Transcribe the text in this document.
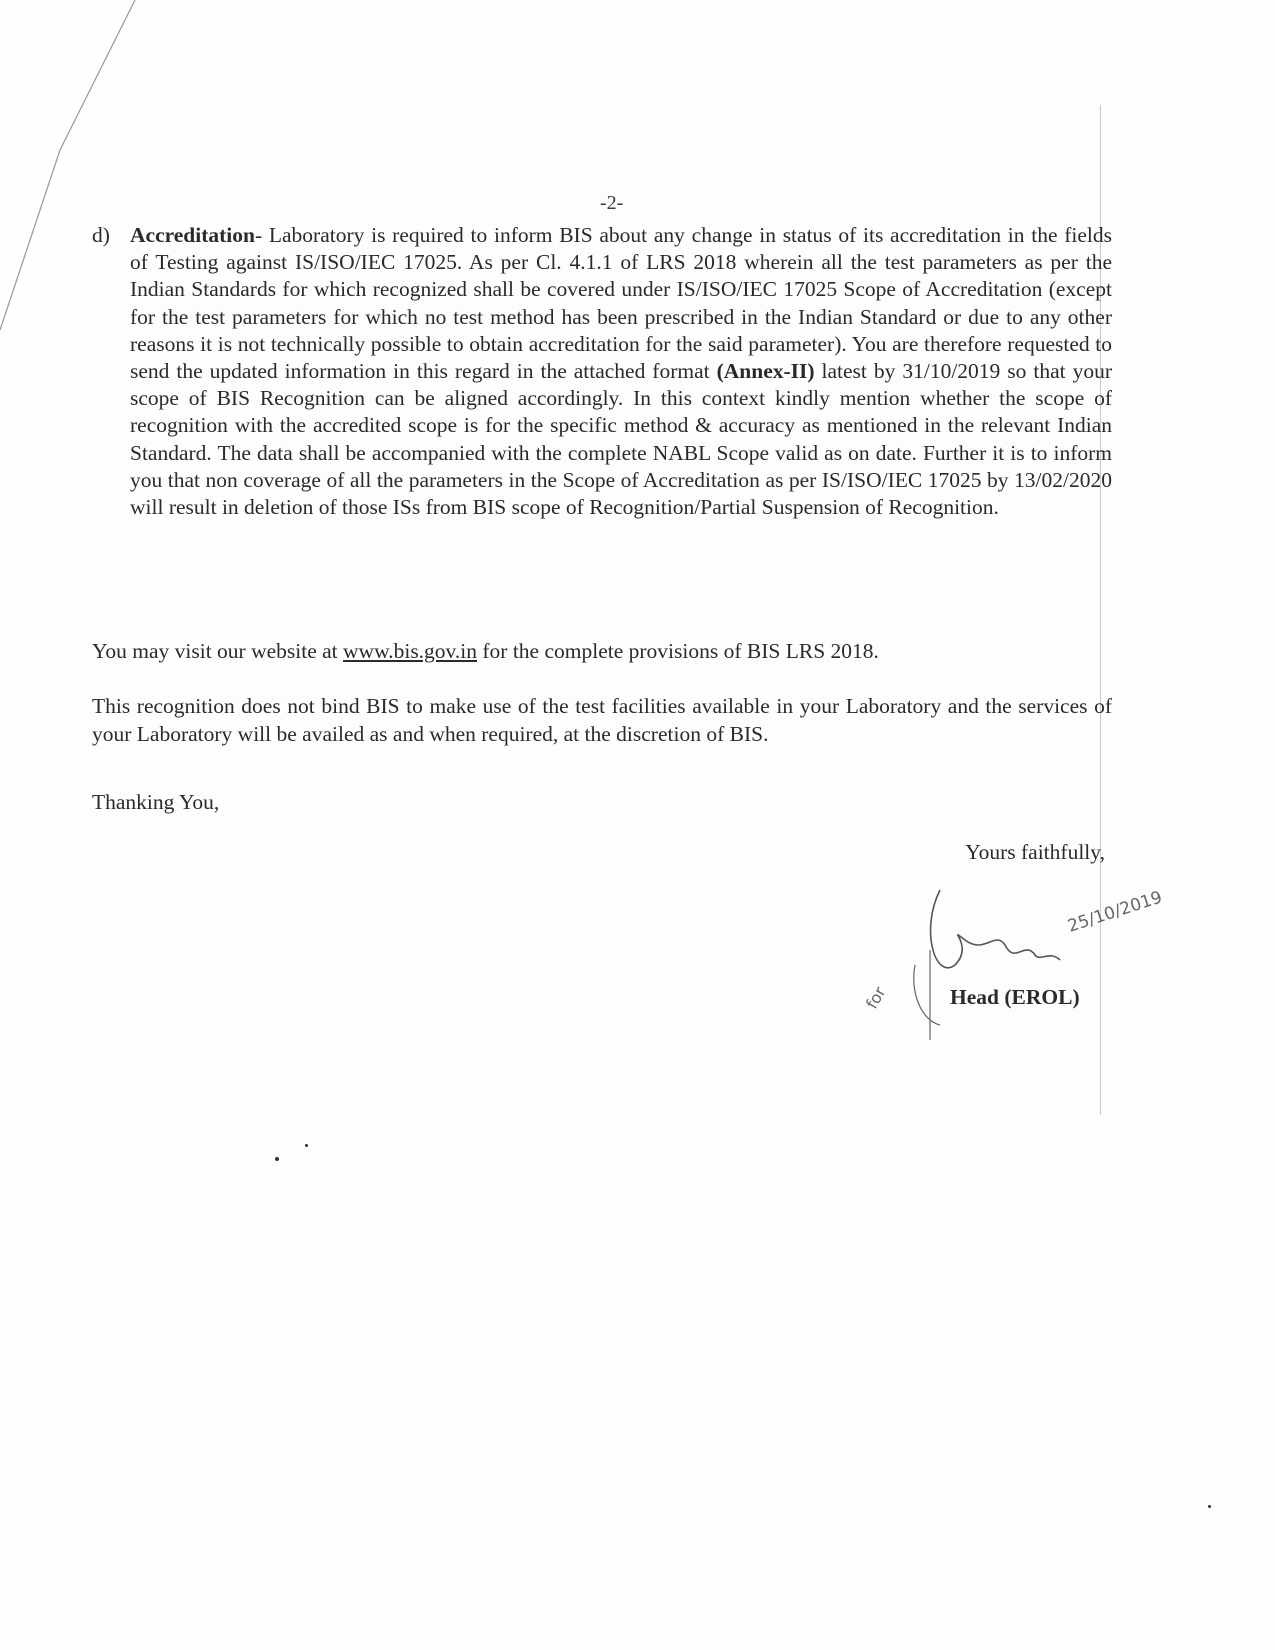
-2-
d) Accreditation- Laboratory is required to inform BIS about any change in status of its accreditation in the fields of Testing against IS/ISO/IEC 17025. As per Cl. 4.1.1 of LRS 2018 wherein all the test parameters as per the Indian Standards for which recognized shall be covered under IS/ISO/IEC 17025 Scope of Accreditation (except for the test parameters for which no test method has been prescribed in the Indian Standard or due to any other reasons it is not technically possible to obtain accreditation for the said parameter). You are therefore requested to send the updated information in this regard in the attached format (Annex-II) latest by 31/10/2019 so that your scope of BIS Recognition can be aligned accordingly. In this context kindly mention whether the scope of recognition with the accredited scope is for the specific method & accuracy as mentioned in the relevant Indian Standard. The data shall be accompanied with the complete NABL Scope valid as on date. Further it is to inform you that non coverage of all the parameters in the Scope of Accreditation as per IS/ISO/IEC 17025 by 13/02/2020 will result in deletion of those ISs from BIS scope of Recognition/Partial Suspension of Recognition.
You may visit our website at www.bis.gov.in for the complete provisions of BIS LRS 2018.
This recognition does not bind BIS to make use of the test facilities available in your Laboratory and the services of your Laboratory will be availed as and when required, at the discretion of BIS.
Thanking You,
Yours faithfully,
25/10/2019
for	Head (EROL)
